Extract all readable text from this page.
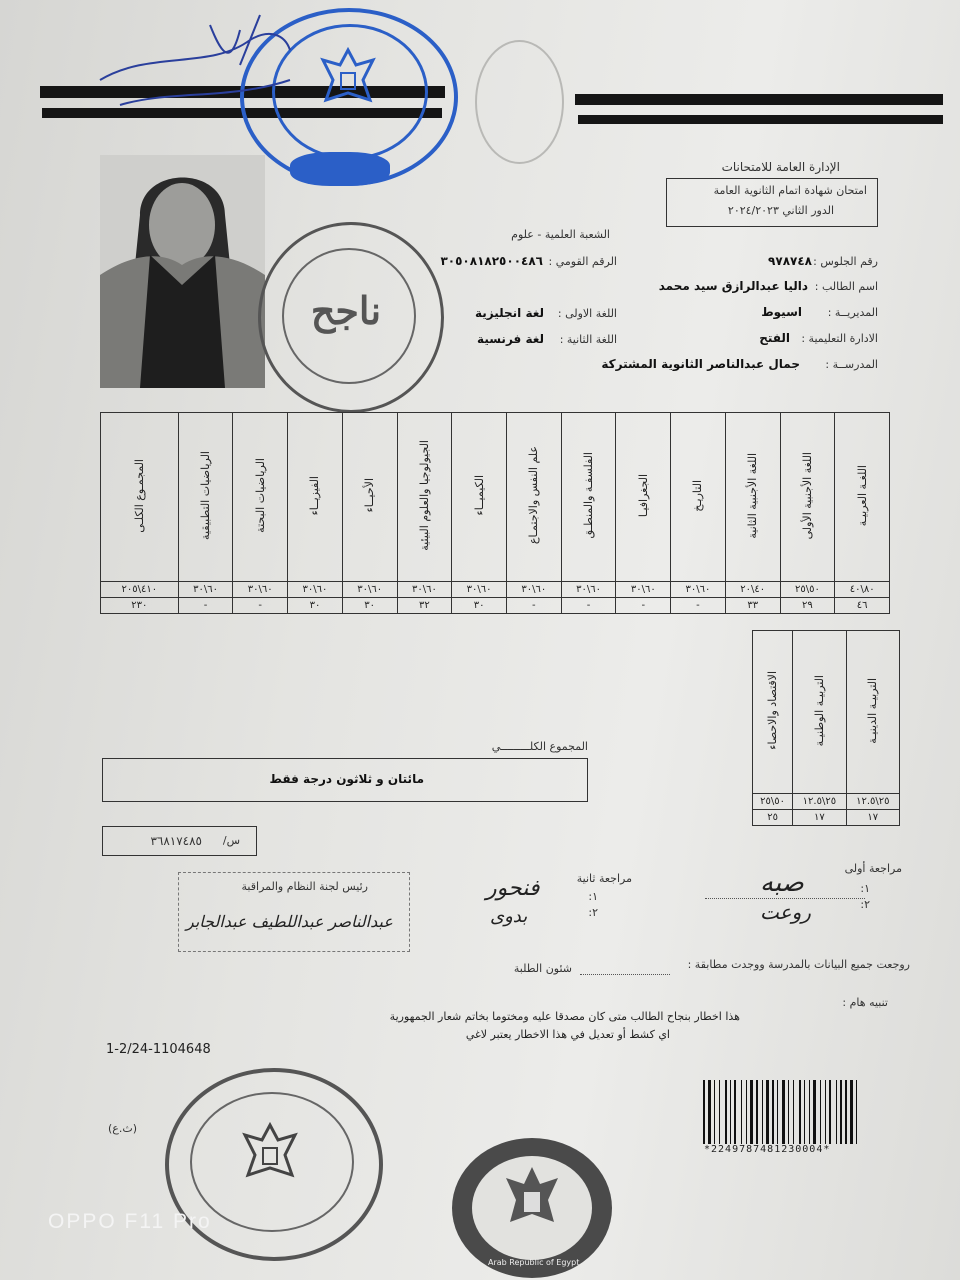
الإدارة العامة للامتحانات
امتحان شهادة اتمام الثانوية العامة
الدور الثاني ٢٠٢٤/٢٠٢٣
ناجح
الشعبة العلمية - علوم
رقم الجلوس :
٩٧٨٧٤٨
الرقم القومي :
٣٠٥٠٨١٨٢٥٠٠٤٨٦
اسم الطالب :
داليا عبدالرازق سيد محمد
المديريــة :
اسيوط
اللغة الاولى :
لغة انجليزية
الادارة التعليمية :
الفتح
اللغة الثانية :
لغة فرنسية
المدرســة :
جمال عبدالناصر الثانوية المشتركة
اللغـة العربيـة	اللغة الأجنبية الأولى	اللغة الأجنبية الثانية	التاريـخ	الجغرافيـا	الفلسفـة والمنطـق	علم النفس والاجتمـاع	الكيميــاء	الجيولوجيا والعلوم البيئية	الأحيــاء	الفيزيــاء	الرياضيات البحتة	الرياضيات التطبيقية	المجمـوع الكلـى
٨٠\٤٠	٥٠\٢٥	٤٠\٢٠	٦٠\٣٠	٦٠\٣٠	٦٠\٣٠	٦٠\٣٠	٦٠\٣٠	٦٠\٣٠	٦٠\٣٠	٦٠\٣٠	٦٠\٣٠	٦٠\٣٠	٤١٠\٢٠٥
٤٦	٢٩	٣٣	-	-	-	-	٣٠	٣٢	٣٠	٣٠	-	-	٢٣٠
التربيـة الدينيـة	التربيـة الوطنيـة	الاقتصاد والاحصاء
٢٥\١٢.٥	٢٥\١٢.٥	٥٠\٢٥
١٧	١٧	٢٥
المجموع الكلـــــــــي
مائتان و ثلاثون درجة فقط
س/
٣٦٨١٧٤٨٥
مراجعة أولى
١:
٢:
صبه
روعت
مراجعة ثانية
١:
٢:
فنحور
بدوى
رئيس لجنة النظام والمراقبة
عبدالناصر عبداللطيف عبدالجابر
روجعت جميع البيانات بالمدرسة ووجدت مطابقة :
شئون الطلبة
تنبيه هام :
هذا اخطار بنجاح الطالب متى كان مصدقا عليه ومختوما بخاتم شعار الجمهورية
اي كشط أو تعديل في هذا الاخطار يعتبر لاغي
1-2/24-1104648
(ث.ع)
Arab Republic of Egypt
*2249787481230004*
OPPO F11 Pro
